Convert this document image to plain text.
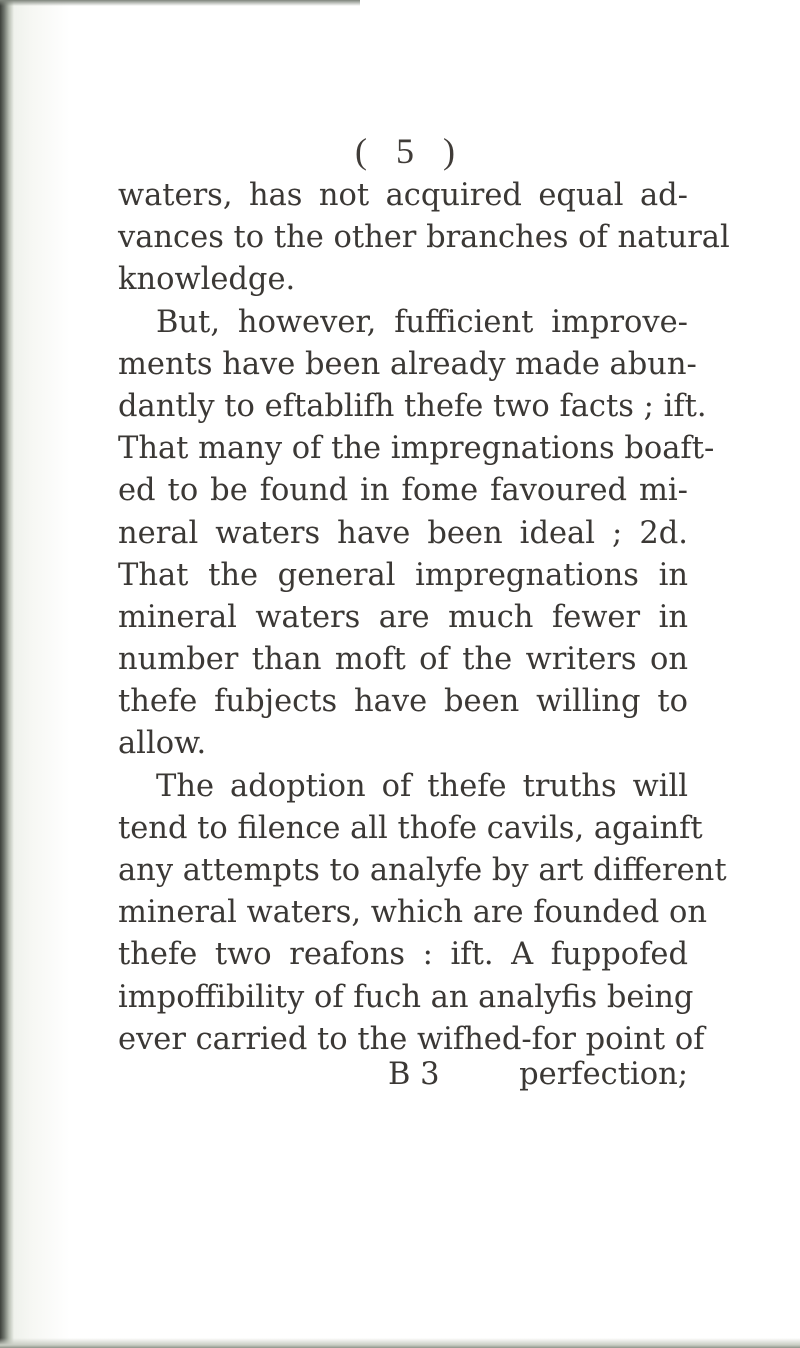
( 5 )
waters, has not acquired equal ad-
vances to the other branches of natural
knowledge.
But, however, fufficient improve-
ments have been already made abun-
dantly to eftablifh thefe two facts ; ift.
That many of the impregnations boaft-
ed to be found in fome favoured mi-
neral waters have been ideal ; 2d.
That the general impregnations in
mineral waters are much fewer in
number than moft of the writers on
thefe fubjects have been willing to
allow.
The adoption of thefe truths will
tend to filence all thofe cavils, againft
any attempts to analyfe by art different
mineral waters, which are founded on
thefe two reafons : ift. A fuppofed
impoffibility of fuch an analyfis being
ever carried to the wifhed-for point of
B 3	perfection;
